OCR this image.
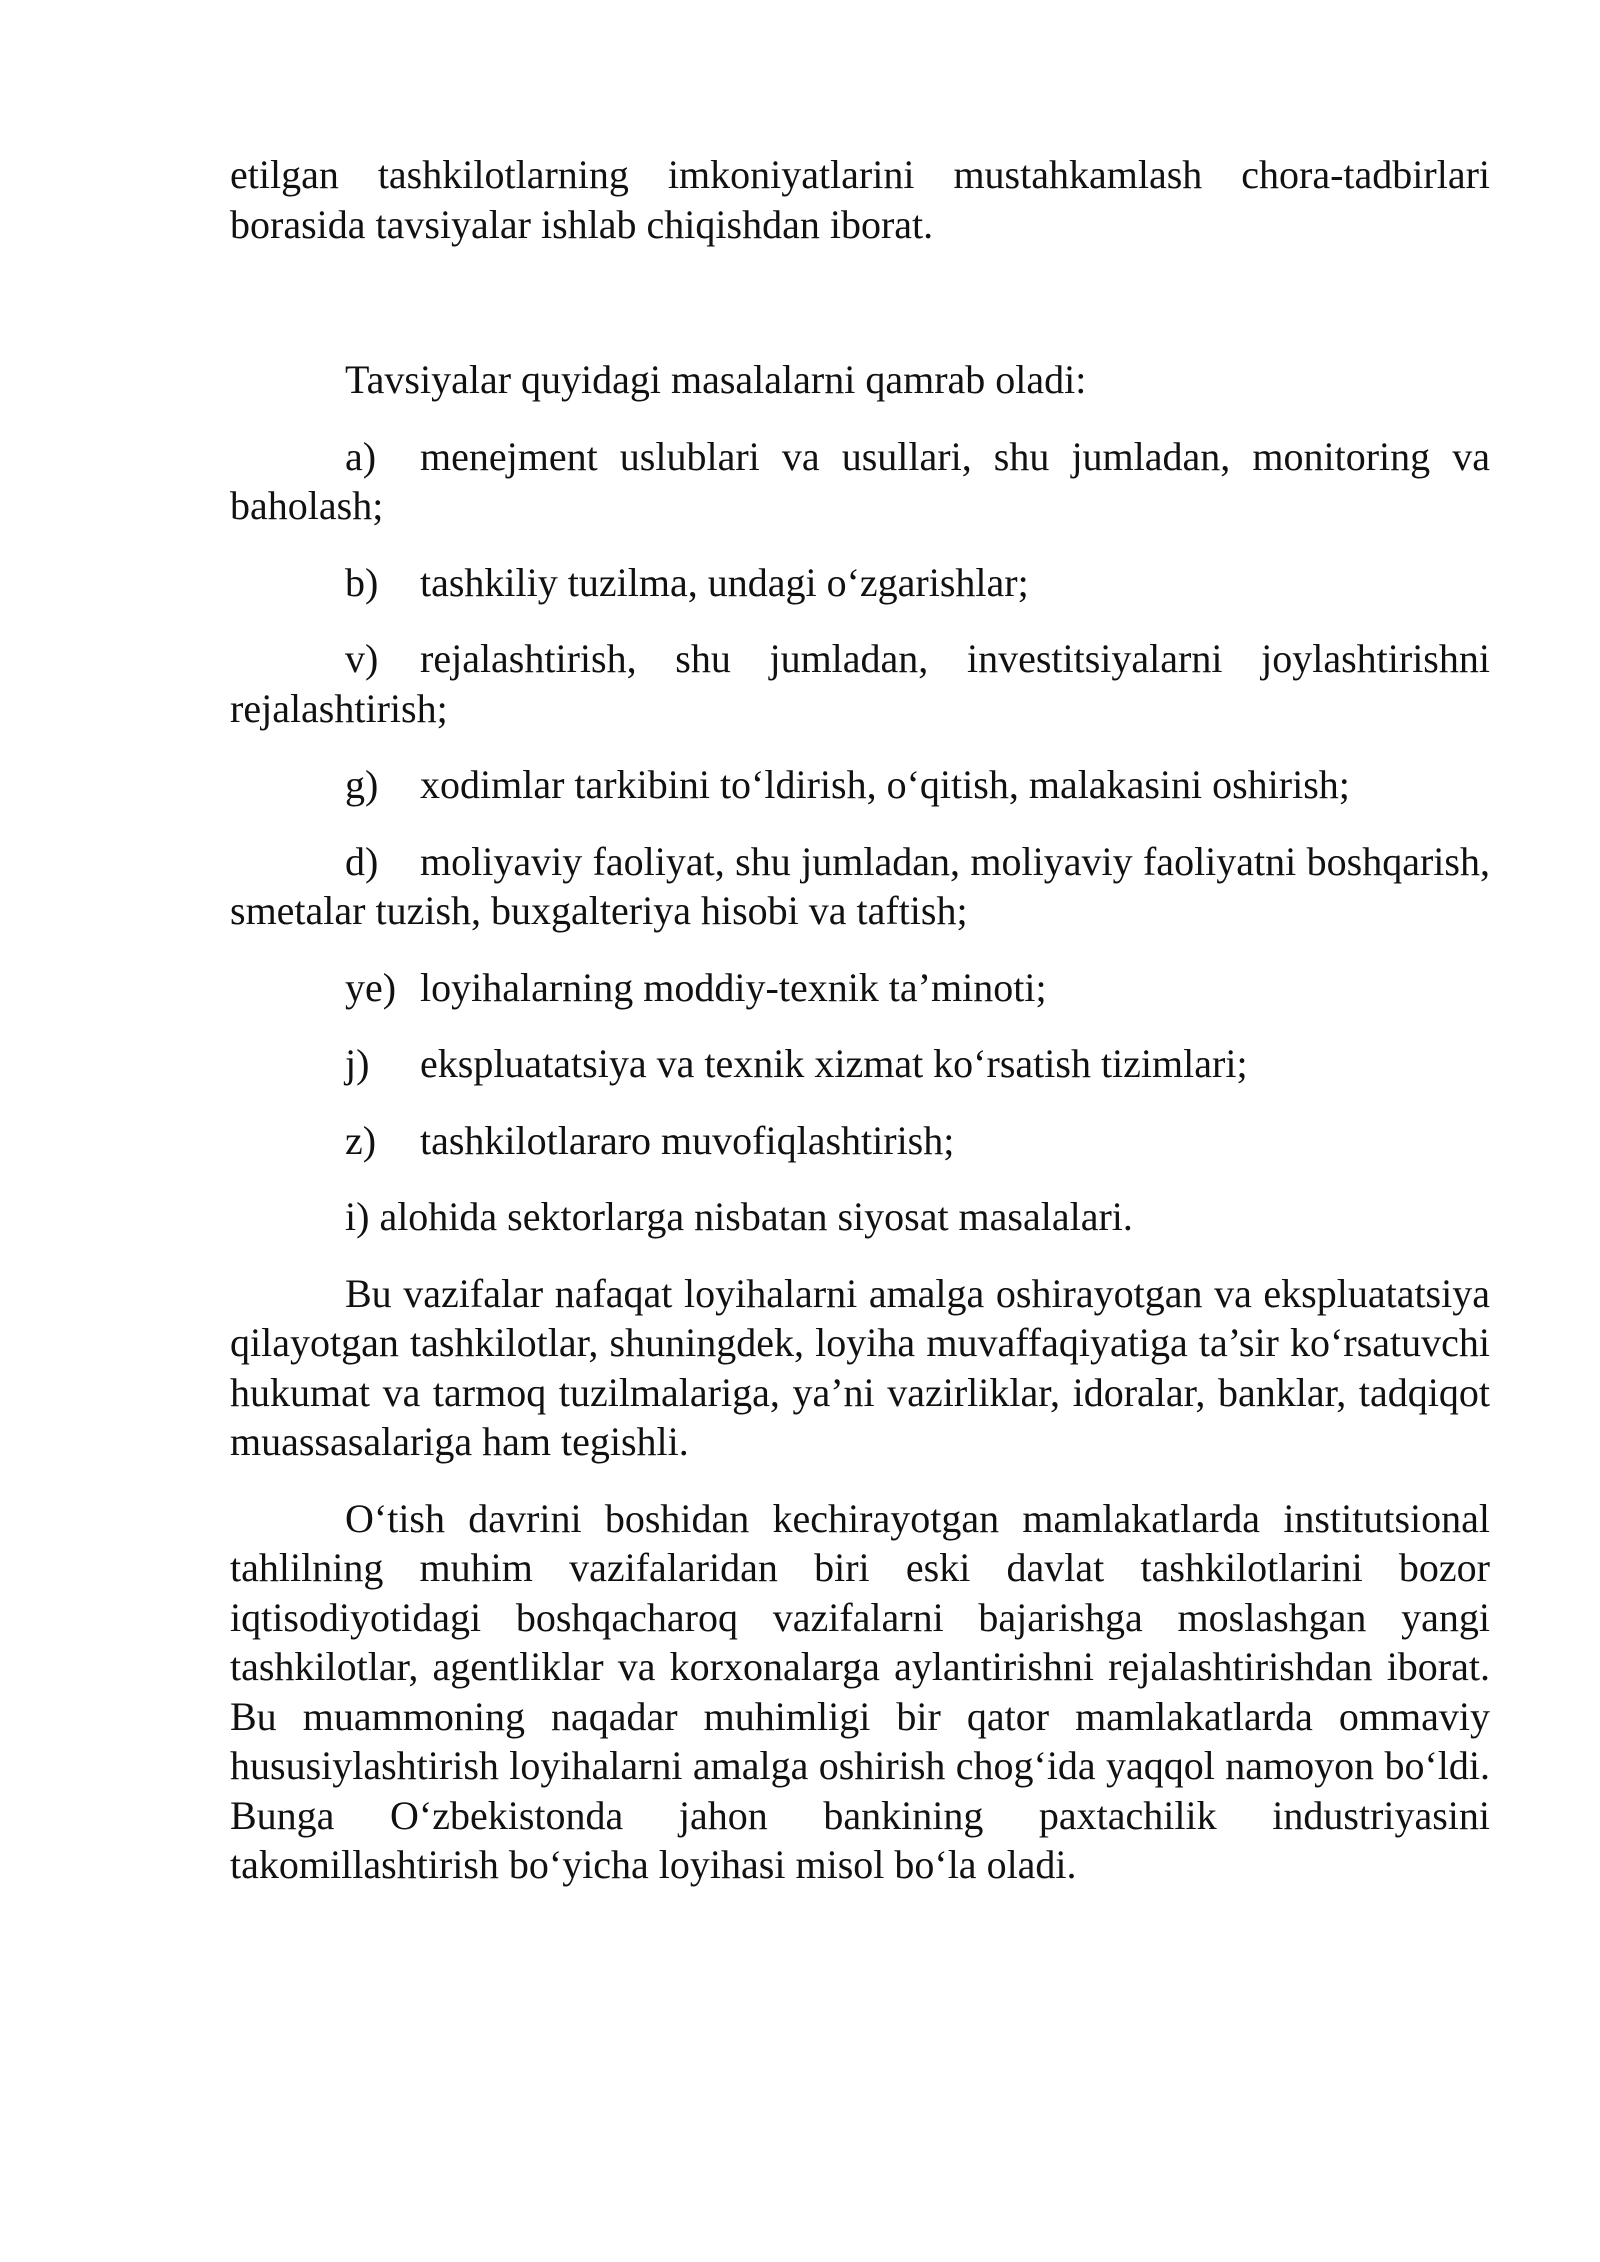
etilgan tashkilotlarning imkoniyatlarini mustahkamlash chora-tadbirlari borasida tavsiyalar ishlab chiqishdan iborat.

Tavsiyalar quyidagi masalalarni qamrab oladi:

a) menejment uslublari va usullari, shu jumladan, monitoring va baholash;

b) tashkiliy tuzilma, undagi o‘zgarishlar;

v) rejalashtirish, shu jumladan, investitsiyalarni joylashtirishni rejalashtirish;

g) xodimlar tarkibini to‘ldirish, o‘qitish, malakasini oshirish;

d) moliyaviy faoliyat, shu jumladan, moliyaviy faoliyatni boshqarish, smetalar tuzish, buxgalteriya hisobi va taftish;

ye) loyihalarning moddiy-texnik ta’minoti;

j) ekspluatatsiya va texnik xizmat ko‘rsatish tizimlari;

z) tashkilotlararo muvofiqlashtirish;

i) alohida sektorlarga nisbatan siyosat masalalari.

Bu vazifalar nafaqat loyihalarni amalga oshirayotgan va ekspluatatsiya qilayotgan tashkilotlar, shuningdek, loyiha muvaffaqiyatiga ta’sir ko‘rsatuvchi hukumat va tarmoq tuzilmalariga, ya’ni vazirliklar, idoralar, banklar, tadqiqot muassasalariga ham tegishli.

O‘tish davrini boshidan kechirayotgan mamlakatlarda institutsional tahlilning muhim vazifalaridan biri eski davlat tashkilotlarini bozor iqtisodiyotidagi boshqacharoq vazifalarni bajarishga moslashgan yangi tashkilotlar, agentliklar va korxonalarga aylantirishni rejalashtirishdan iborat. Bu muammoning naqadar muhimligi bir qator mamlakatlarda ommaviy hususiylashtirish loyihalarni amalga oshirish chog‘ida yaqqol namoyon bo‘ldi. Bunga O‘zbekistonda jahon bankining paxtachilik industriyasini takomillashtirish bo‘yicha loyihasi misol bo‘la oladi.
